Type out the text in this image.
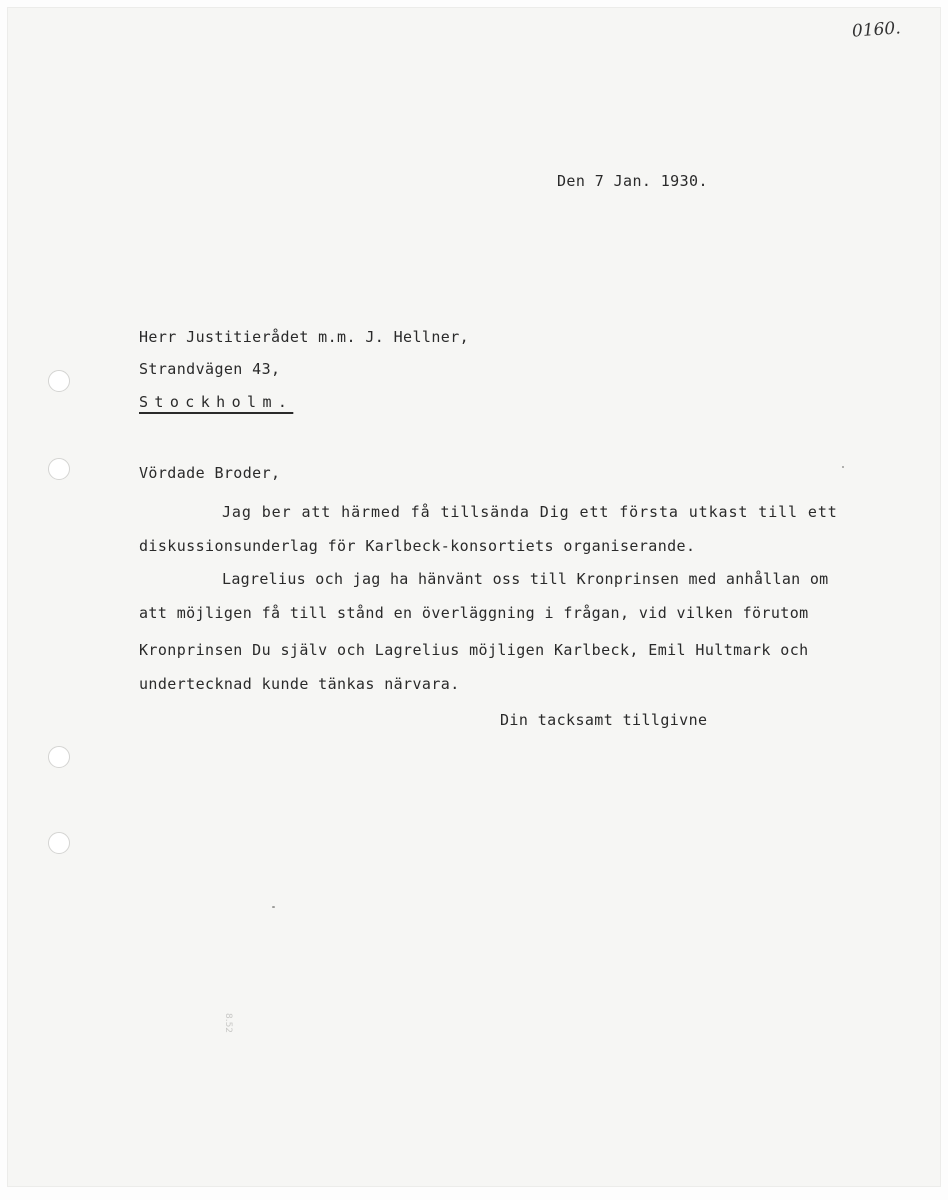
8.52
0160.
Den 7 Jan. 1930.
Herr Justitierådet m.m. J. Hellner,
Strandvägen 43,
Stockholm.
Vördade Broder,
Jag ber att härmed få tillsända Dig ett första utkast till ett
diskussionsunderlag för Karlbeck-konsortiets organiserande.
Lagrelius och jag ha hänvänt oss till Kronprinsen med anhållan om
att möjligen få till stånd en överläggning i frågan, vid vilken förutom
Kronprinsen Du själv och Lagrelius möjligen Karlbeck, Emil Hultmark och
undertecknad kunde tänkas närvara.
Din tacksamt tillgivne
